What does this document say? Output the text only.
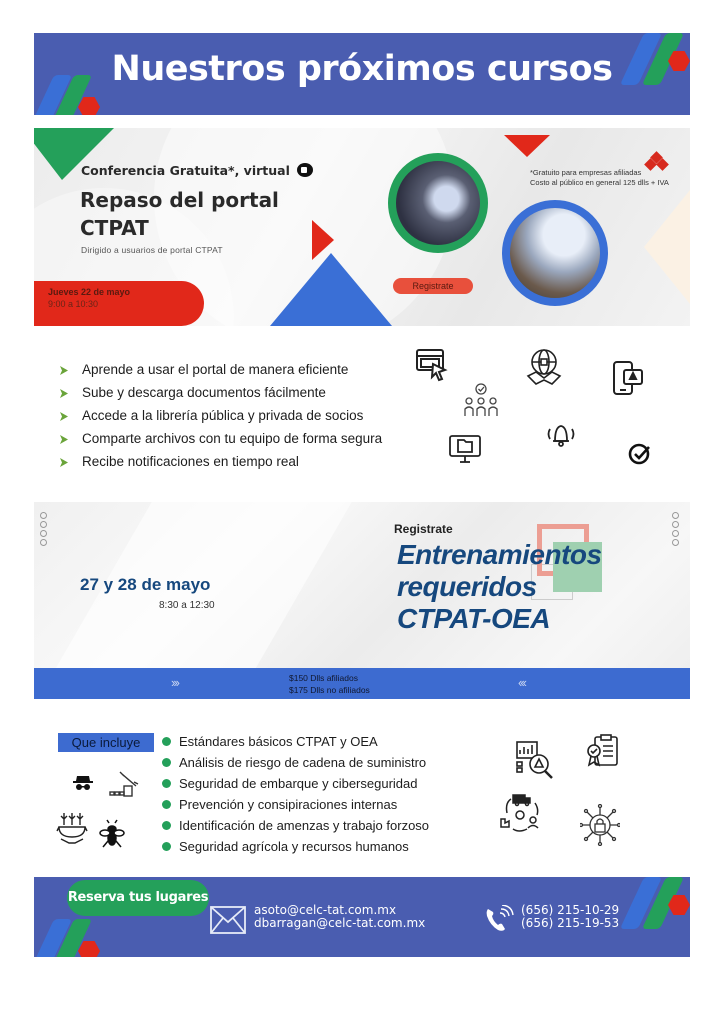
Nuestros próximos cursos
Conferencia Gratuita*, virtual
Repaso del portal CTPAT
Dirigido a usuarios de portal CTPAT
Jueves 22 de mayo
9:00 a 10:30
Registrate
*Gratuito para empresas afiliadas
Costo al público en general 125 dlls + IVA
Aprende a usar el portal de manera eficiente
Sube y descarga documentos fácilmente
Accede a la librería pública y privada de socios
Comparte archivos con tu equipo de forma segura
Recibe notificaciones en tiempo real
27 y 28 de mayo
8:30 a 12:30
Registrate
Entrenamientos
requeridos
CTPAT-OEA
›››	$150 Dlls afiliados
$175 Dlls no afiliados	‹‹‹
Que incluye	Estándares básicos CTPAT y OEA
Análisis de riesgo de cadena de suministro
Seguridad de embarque y ciberseguridad
Prevención y consipiraciones internas
Identificación de amenzas y trabajo forzoso
Seguridad agrícola y recursos humanos
Reserva tus lugares
asoto@celc-tat.com.mx
dbarragan@celc-tat.com.mx
(656) 215-10-29
(656) 215-19-53
